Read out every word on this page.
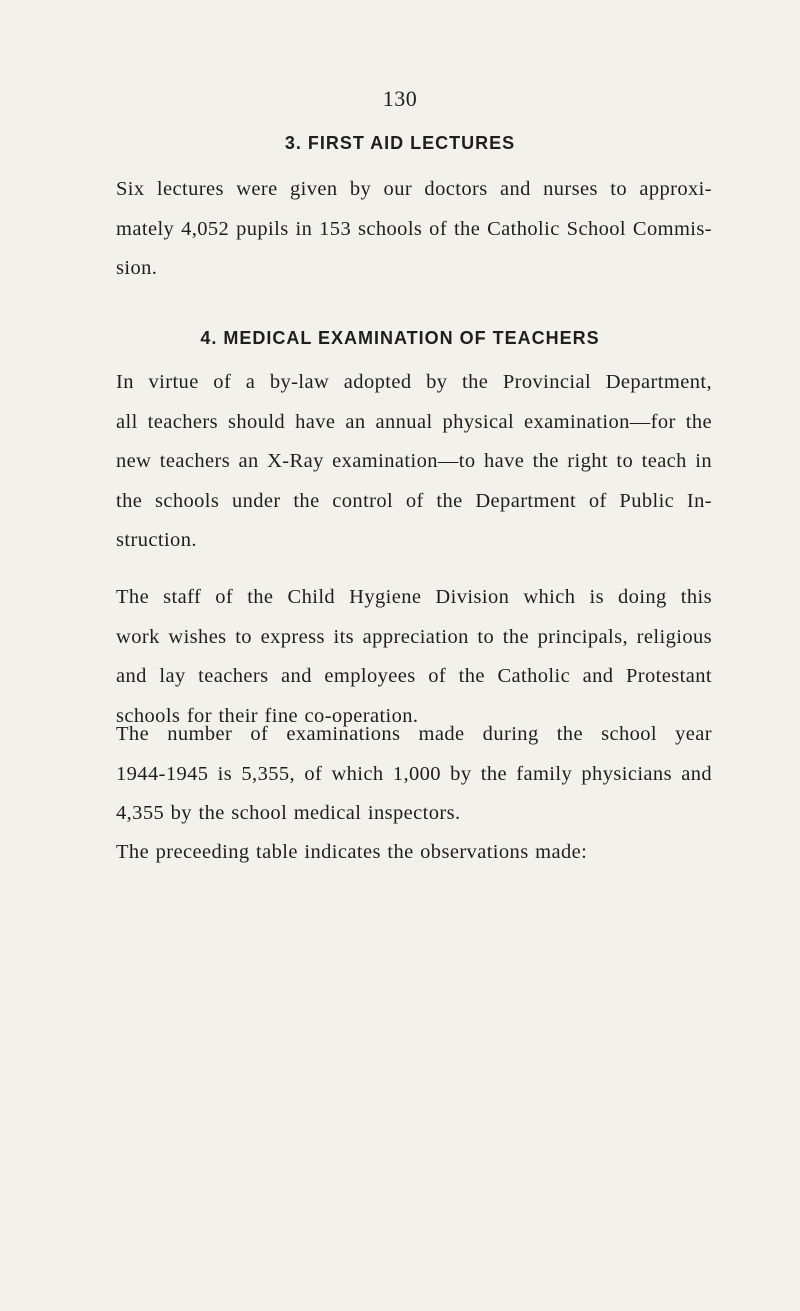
130
3. FIRST AID LECTURES

Six lectures were given by our doctors and nurses to approxi-
mately 4,052 pupils in 153 schools of the Catholic School Commis-
sion.

4. MEDICAL EXAMINATION OF TEACHERS

In virtue of a by-law adopted by the Provincial Department,
all teachers should have an annual physical examination—for the
new teachers an X-Ray examination—to have the right to teach in
the schools under the control of the Department of Public In-
struction.

The staff of the Child Hygiene Division which is doing this
work wishes to express its appreciation to the principals, religious
and lay teachers and employees of the Catholic and Protestant
schools for their fine co-operation.

The number of examinations made during the school year
1944-1945 is 5,355, of which 1,000 by the family physicians and
4,355 by the school medical inspectors.

The preceeding table indicates the observations made:
